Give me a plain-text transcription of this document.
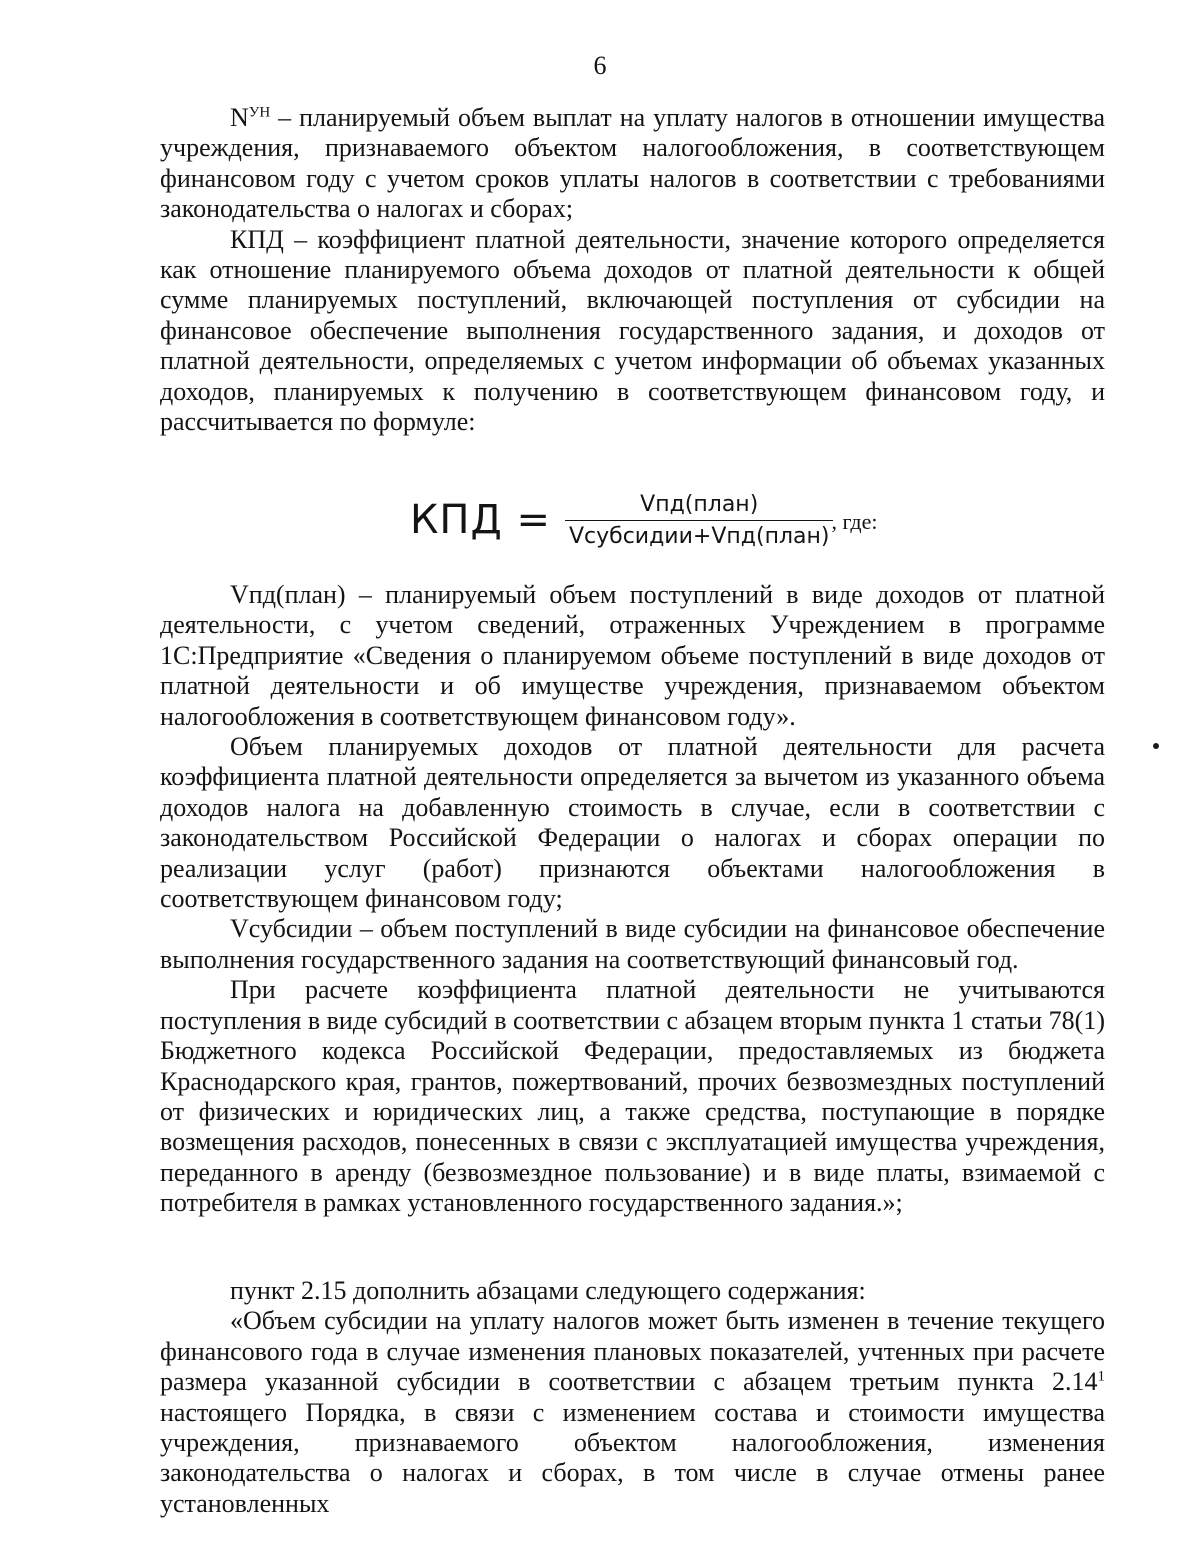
6

$N^{УН}$ – планируемый объем выплат на уплату налогов в отношении имущества учреждения, признаваемого объектом налогообложения, в соответствующем финансовом году с учетом сроков уплаты налогов в соответствии с требованиями законодательства о налогах и сборах;

КПД – коэффициент платной деятельности, значение которого определяется как отношение планируемого объема доходов от платной деятельности к общей сумме планируемых поступлений, включающей поступления от субсидии на финансовое обеспечение выполнения государственного задания, и доходов от платной деятельности, определяемых с учетом информации об объемах указанных доходов, планируемых к получению в соответствующем финансовом году, и рассчитывается по формуле:

КПД = $\frac{\text{Vпд(план)}}{\text{Vсубсидии+Vпд(план)}}$ , где:

Vпд(план) – планируемый объем поступлений в виде доходов от платной деятельности, с учетом сведений, отраженных Учреждением в программе 1С:Предприятие «Сведения о планируемом объеме поступлений в виде доходов от платной деятельности и об имуществе учреждения, признаваемом объектом налогообложения в соответствующем финансовом году».

Объем планируемых доходов от платной деятельности для расчета коэффициента платной деятельности определяется за вычетом из указанного объема доходов налога на добавленную стоимость в случае, если в соответствии с законодательством Российской Федерации о налогах и сборах операции по реализации услуг (работ) признаются объектами налогообложения в соответствующем финансовом году;

Vсубсидии – объем поступлений в виде субсидии на финансовое обеспечение выполнения государственного задания на соответствующий финансовый год.

При расчете коэффициента платной деятельности не учитываются поступления в виде субсидий в соответствии с абзацем вторым пункта 1 статьи 78(1) Бюджетного кодекса Российской Федерации, предоставляемых из бюджета Краснодарского края, грантов, пожертвований, прочих безвозмездных поступлений от физических и юридических лиц, а также средства, поступающие в порядке возмещения расходов, понесенных в связи с эксплуатацией имущества учреждения, переданного в аренду (безвозмездное пользование) и в виде платы, взимаемой с потребителя в рамках установленного государственного задания.»;

пункт 2.15 дополнить абзацами следующего содержания:

«Объем субсидии на уплату налогов может быть изменен в течение текущего финансового года в случае изменения плановых показателей, учтенных при расчете размера указанной субсидии в соответствии с абзацем третьим пункта 2.14$^1$ настоящего Порядка, в связи с изменением состава и стоимости имущества учреждения, признаваемого объектом налогообложения, изменения законодательства о налогах и сборах, в том числе в случае отмены ранее установленных
